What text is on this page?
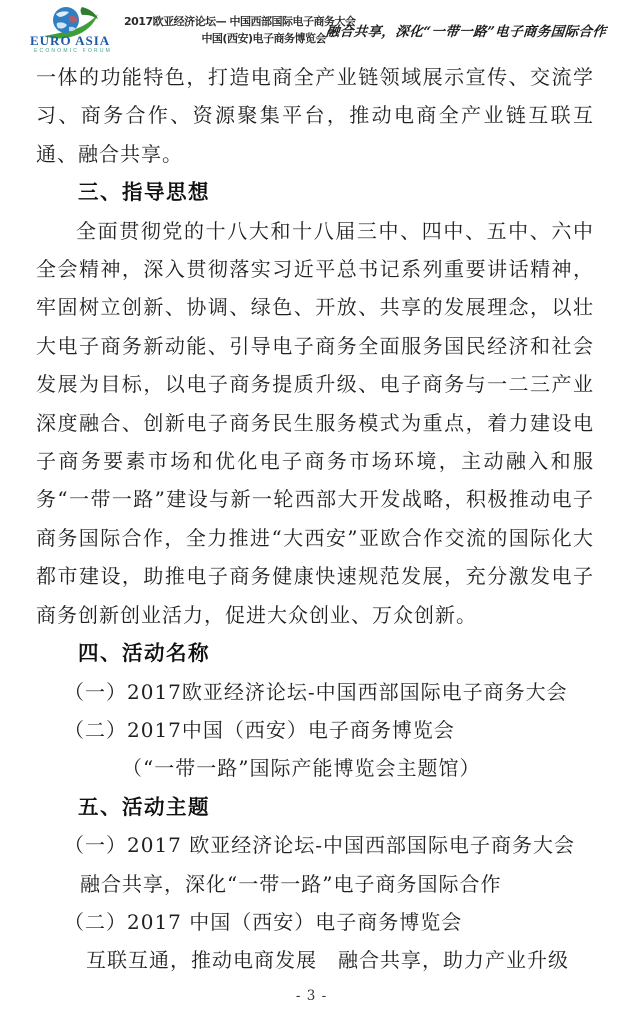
EURO ASIA
ECONOMIC FORUM
2017欧亚经济论坛— 中国西部国际电子商务大会
中国(西安)电子商务博览会 融合共享，深化“一带一路”电子商务国际合作

一体的功能特色，打造电商全产业链领域展示宣传、交流学习、商务合作、资源聚集平台，推动电商全产业链互联互通、融合共享。

三、指导思想

全面贯彻党的十八大和十八届三中、四中、五中、六中全会精神，深入贯彻落实习近平总书记系列重要讲话精神，牢固树立创新、协调、绿色、开放、共享的发展理念，以壮大电子商务新动能、引导电子商务全面服务国民经济和社会发展为目标，以电子商务提质升级、电子商务与一二三产业深度融合、创新电子商务民生服务模式为重点，着力建设电子商务要素市场和优化电子商务市场环境，主动融入和服务“一带一路”建设与新一轮西部大开发战略，积极推动电子商务国际合作，全力推进“大西安”亚欧合作交流的国际化大都市建设，助推电子商务健康快速规范发展，充分激发电子商务创新创业活力，促进大众创业、万众创新。

四、活动名称
（一）2017欧亚经济论坛-中国西部国际电子商务大会
（二）2017中国（西安）电子商务博览会
（“一带一路”国际产能博览会主题馆）
五、活动主题
（一）2017 欧亚经济论坛-中国西部国际电子商务大会
融合共享，深化“一带一路”电子商务国际合作
（二）2017 中国（西安）电子商务博览会
互联互通，推动电商发展　融合共享，助力产业升级
- 3 -
